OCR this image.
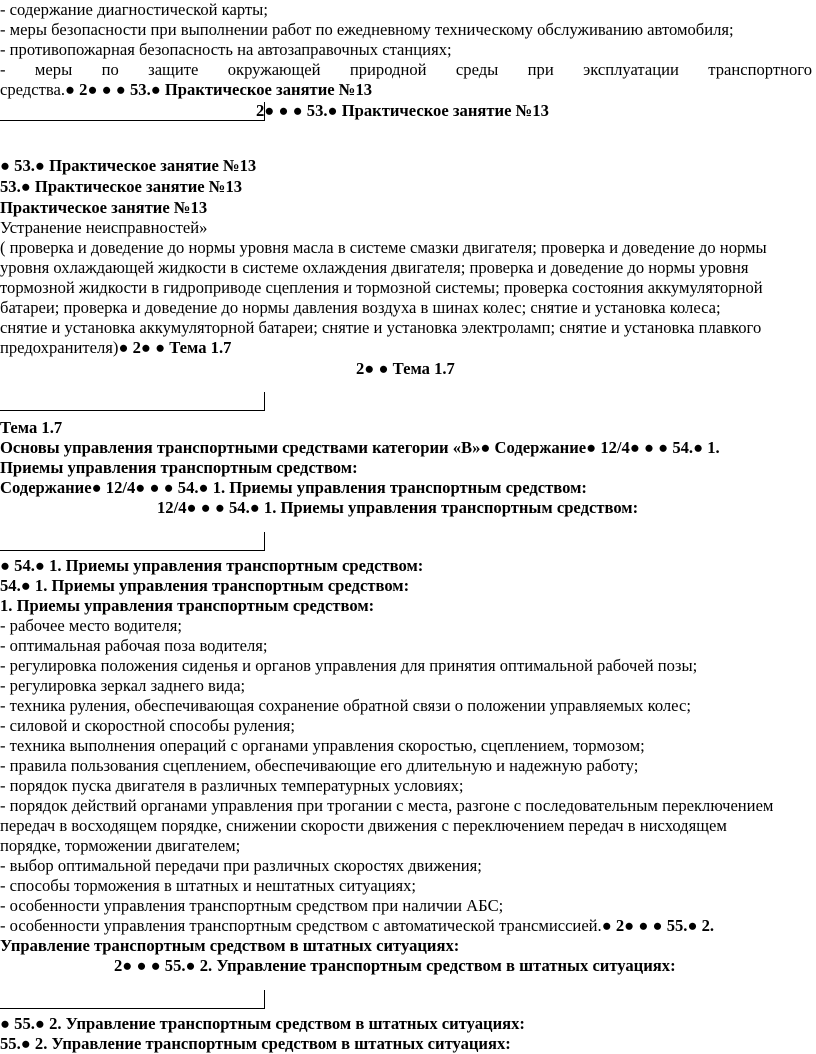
- содержание диагностической карты;
- меры безопасности при выполнении работ по ежедневному техническому обслуживанию автомобиля;
- противопожарная безопасность на автозаправочных станциях;
- меры по защите окружающей природной среды при эксплуатации транспортного
средства.● 2● ● ● 53.● Практическое занятие №13
2● ● ● 53.● Практическое занятие №13
● 53.● Практическое занятие №13
53.● Практическое занятие №13
Практическое занятие №13
Устранение неисправностей»
( проверка и доведение до нормы уровня масла в системе смазки двигателя; проверка и доведение до нормы
уровня охлаждающей жидкости в системе охлаждения двигателя; проверка и доведение до нормы уровня
тормозной жидкости в гидроприводе сцепления и тормозной системы; проверка состояния аккумуляторной
батареи; проверка и доведение до нормы давления воздуха в шинах колес; снятие и установка колеса;
снятие и установка аккумуляторной батареи; снятие и установка электроламп; снятие и установка плавкого
предохранителя)● 2● ● Тема 1.7
2● ● Тема 1.7
Тема 1.7
Основы управления транспортными средствами категории «В»● Содержание● 12/4● ● ● 54.● 1.
Приемы управления транспортным средством:
Содержание● 12/4● ● ● 54.● 1. Приемы управления транспортным средством:
12/4● ● ● 54.● 1. Приемы управления транспортным средством:
● 54.● 1. Приемы управления транспортным средством:
54.● 1. Приемы управления транспортным средством:
1. Приемы управления транспортным средством:
- рабочее место водителя;
- оптимальная рабочая поза водителя;
- регулировка положения сиденья и органов управления для принятия оптимальной рабочей позы;
- регулировка зеркал заднего вида;
- техника руления, обеспечивающая сохранение обратной связи о положении управляемых колес;
- силовой и скоростной способы руления;
- техника выполнения операций с органами управления скоростью, сцеплением, тормозом;
- правила пользования сцеплением, обеспечивающие его длительную и надежную работу;
- порядок пуска двигателя в различных температурных условиях;
- порядок действий органами управления при трогании с места, разгоне с последовательным переключением
передач в восходящем порядке, снижении скорости движения с переключением передач в нисходящем
порядке, торможении двигателем;
- выбор оптимальной передачи при различных скоростях движения;
- способы торможения в штатных и нештатных ситуациях;
- особенности управления транспортным средством при наличии АБС;
- особенности управления транспортным средством с автоматической трансмиссией.● 2● ● ● 55.● 2.
Управление транспортным средством в штатных ситуациях:
2● ● ● 55.● 2. Управление транспортным средством в штатных ситуациях:
● 55.● 2. Управление транспортным средством в штатных ситуациях:
55.● 2. Управление транспортным средством в штатных ситуациях:
